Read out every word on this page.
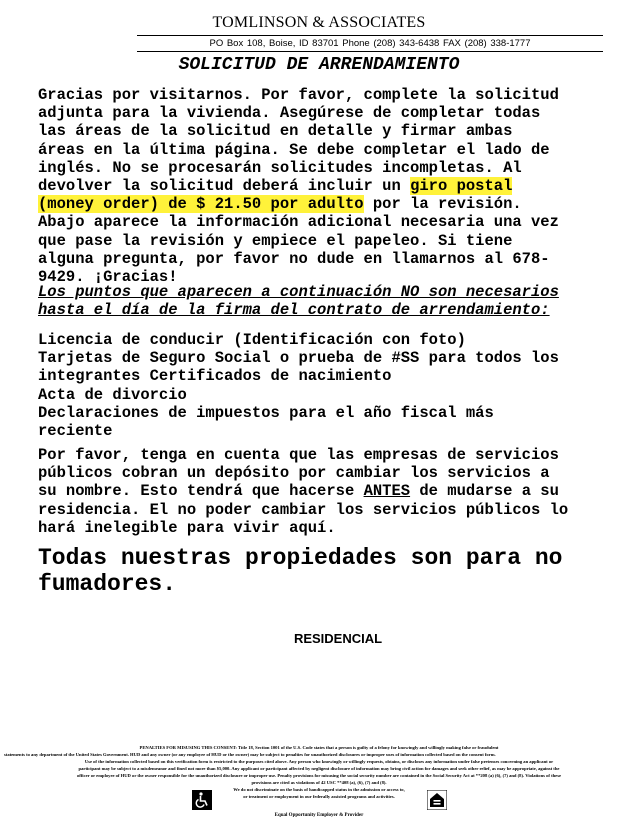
TOMLINSON & ASSOCIATES
PO Box 108, Boise, ID 83701 Phone (208) 343-6438 FAX (208) 338-1777
SOLICITUD DE ARRENDAMIENTO
Gracias por visitarnos. Por favor, complete la solicitud
adjunta para la vivienda. Asegúrese de completar todas
las áreas de la solicitud en detalle y firmar ambas
áreas en la última página. Se debe completar el lado de
inglés. No se procesarán solicitudes incompletas. Al
devolver la solicitud deberá incluir un giro postal
(money order) de $ 21.50 por adulto por la revisión.
Abajo aparece la información adicional necesaria una vez
que pase la revisión y empiece el papeleo. Si tiene
alguna pregunta, por favor no dude en llamarnos al 678-
9429. ¡Gracias!
Los puntos que aparecen a continuación NO son necesarios
hasta el día de la firma del contrato de arrendamiento:
Licencia de conducir (Identificación con foto)
Tarjetas de Seguro Social o prueba de #SS para todos los
integrantes Certificados de nacimiento
Acta de divorcio
Declaraciones de impuestos para el año fiscal más
reciente
Por favor, tenga en cuenta que las empresas de servicios
públicos cobran un depósito por cambiar los servicios a
su nombre. Esto tendrá que hacerse ANTES de mudarse a su
residencia. El no poder cambiar los servicios públicos lo
hará inelegible para vivir aquí.
Todas nuestras propiedades son para no
fumadores.
RESIDENCIAL
PENALTIES FOR MISUSING THIS CONSENT: Title 18, Section 1001 of the U.S. Code states that a person is guilty of a felony for knowingly and willingly making false or fraudulent
statements to any department of the United States Government. HUD and any owner (or any employee of HUD or the owner) may be subject to penalties for unauthorized disclosures or improper uses of information collected based on the consent form.
Use of the information collected based on this verification form is restricted to the purposes cited above. Any person who knowingly or willingly requests, obtains, or discloses any information under false pretenses concerning an applicant or
participant may be subject to a misdemeanor and fined not more than $5,000. Any applicant or participant affected by negligent disclosure of information may bring civil action for damages and seek other relief, as may be appropriate, against the
officer or employee of HUD or the owner responsible for the unauthorized disclosure or improper use. Penalty provisions for misusing the social security number are contained in the Social Security Act at **208 (a) (6), (7) and (8). Violations of these
provisions are cited as violations of 42 USC **408 (a), (6), (7) and (8).
We do not discriminate on the basis of handicapped status in the admission or access to,
or treatment or employment in our federally assisted programs and activities.
Equal Opportunity Employer & Provider
